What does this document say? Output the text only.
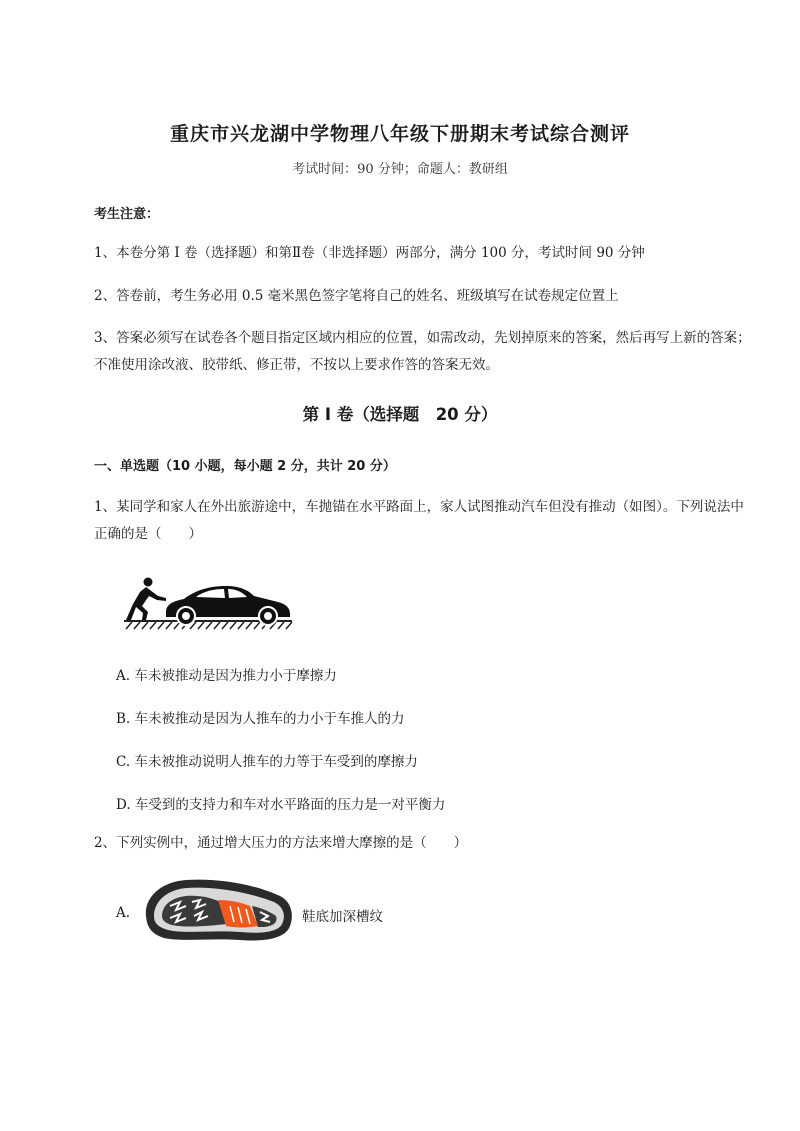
重庆市兴龙湖中学物理八年级下册期末考试综合测评
考试时间：90 分钟；命题人：教研组
考生注意：
1、本卷分第 I 卷（选择题）和第Ⅱ卷（非选择题）两部分，满分 100 分，考试时间 90 分钟
2、答卷前，考生务必用 0.5 毫米黑色签字笔将自己的姓名、班级填写在试卷规定位置上
3、答案必须写在试卷各个题目指定区域内相应的位置，如需改动，先划掉原来的答案，然后再写上新的答案；不准使用涂改液、胶带纸、修正带，不按以上要求作答的答案无效。
第 I 卷（选择题　20 分）
一、单选题（10 小题，每小题 2 分，共计 20 分）
1、某同学和家人在外出旅游途中，车抛锚在水平路面上，家人试图推动汽车但没有推动（如图）。下列说法中正确的是（　　）
A. 车未被推动是因为推力小于摩擦力
B. 车未被推动是因为人推车的力小于车推人的力
C. 车未被推动说明人推车的力等于车受到的摩擦力
D. 车受到的支持力和车对水平路面的压力是一对平衡力
2、下列实例中，通过增大压力的方法来增大摩擦的是（　　）
A.	鞋底加深槽纹
